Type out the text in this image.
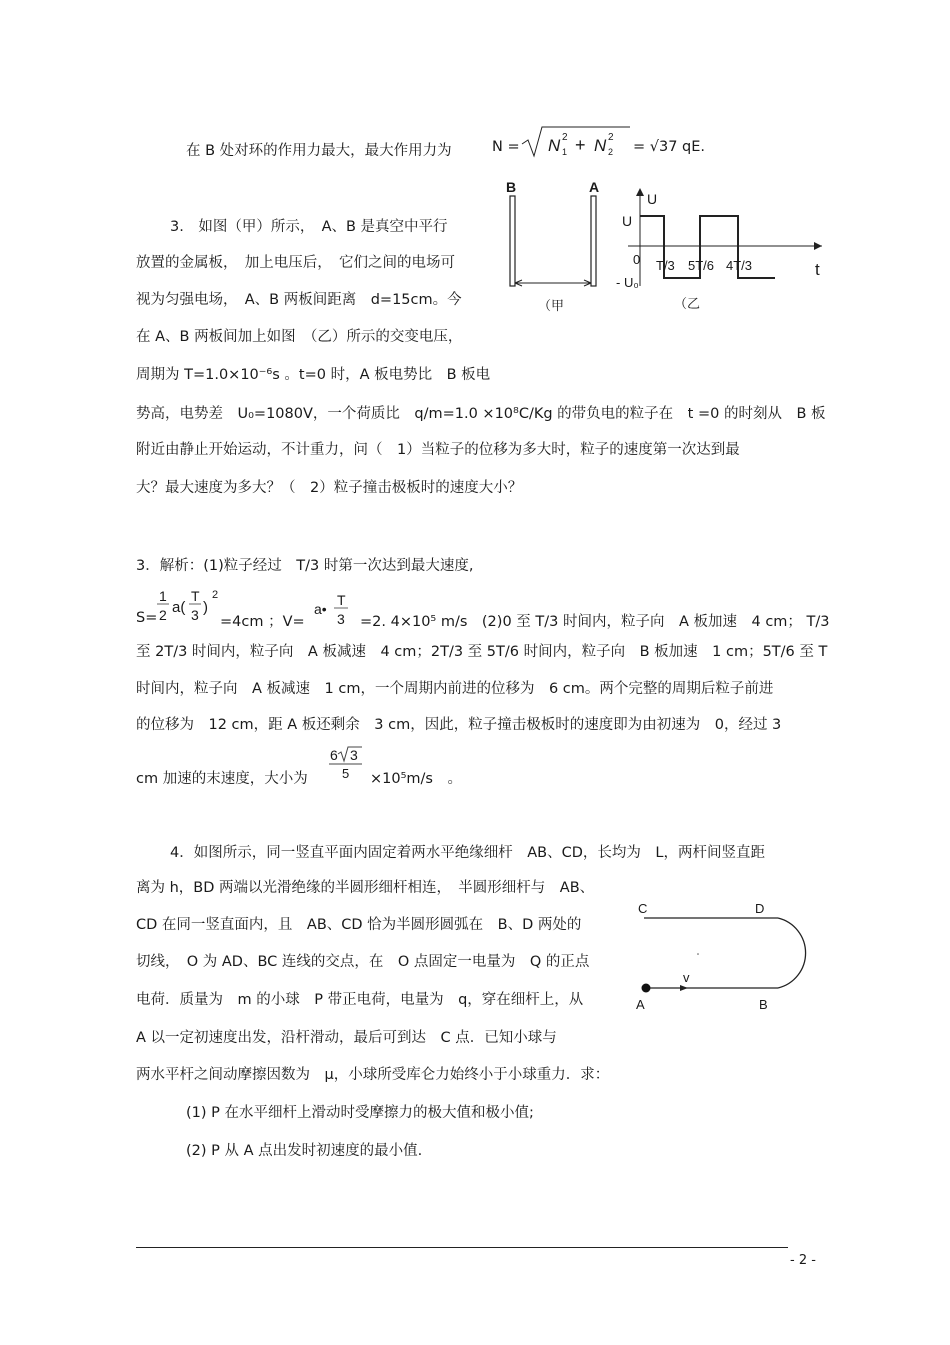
在 B 处对环的作用力最大，最大作用力为	N = N 2
1 + N 2
2 = √37 qE.
3.　如图（甲）所示，　A、B 是真空中平行
放置的金属板，　加上电压后，　它们之间的电场可
视为匀强电场，　A、B 两板间距离　d=15cm。今
在 A、B 两板间加上如图　（乙）所示的交变电压，
周期为 T=1.0×10⁻⁶s 。t=0 时，A 板电势比　B 板电
势高，电势差　U₀=1080V，一个荷质比　q/m=1.0 ×10⁸C/Kg 的带负电的粒子在　t =0 的时刻从　B 板
附近由静止开始运动，不计重力，问（　1）当粒子的位移为多大时，粒子的速度第一次达到最
大？最大速度为多大？（　2）粒子撞击极板时的速度大小？
B	A
（甲
U
U
0 T/3 5T/6 4T/3	t
- U₀
（乙
3．解析：(1)粒子经过　T/3 时第一次达到最大速度,
S=
1
2 a(
T
3 )
2
=4cm ；V=
a•
T
3 =2. 4×10⁵ m/s　(2)0 至 T/3 时间内，粒子向　A 板加速　4 cm； T/3
至 2T/3 时间内，粒子向　A 板减速　4 cm；2T/3 至 5T/6 时间内，粒子向　B 板加速　1 cm；5T/6 至 T
时间内，粒子向　A 板减速　1 cm，一个周期内前进的位移为　6 cm。两个完整的周期后粒子前进
的位移为　12 cm，距 A 板还剩余　3 cm，因此，粒子撞击极板时的速度即为由初速为　0，经过 3
cm 加速的末速度，大小为
6 3
5 ×10⁵m/s　。
4．如图所示，同一竖直平面内固定着两水平绝缘细杆　AB、CD，长均为　L，两杆间竖直距
离为 h，BD 两端以光滑绝缘的半圆形细杆相连，　半圆形细杆与　AB、
CD 在同一竖直面内，且　AB、CD 恰为半圆形圆弧在　B、D 两处的
切线，　O 为 AD、BC 连线的交点，在　O 点固定一电量为　Q 的正点
电荷．质量为　m 的小球　P 带正电荷，电量为　q，穿在细杆上，从
A 以一定初速度出发，沿杆滑动，最后可到达　C 点．已知小球与
两水平杆之间动摩擦因数为　μ，小球所受库仑力始终小于小球重力．求：
(1) P 在水平细杆上滑动时受摩擦力的极大值和极小值;
(2) P 从 A 点出发时初速度的最小值.
C	D
v
A	B
- 2 -
